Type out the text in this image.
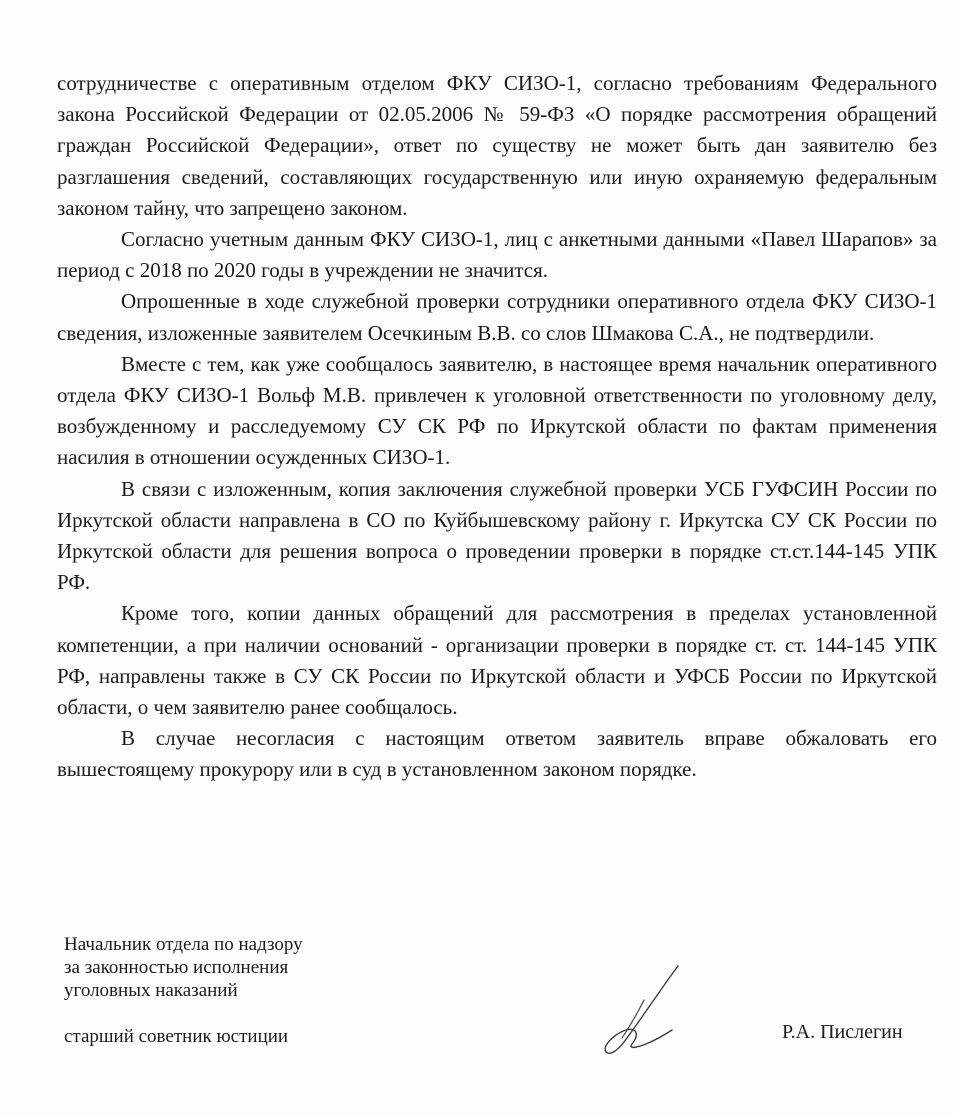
сотрудничестве с оперативным отделом ФКУ СИЗО-1, согласно требованиям Федерального закона Российской Федерации от 02.05.2006 № 59-ФЗ «О порядке рассмотрения обращений граждан Российской Федерации», ответ по существу не может быть дан заявителю без разглашения сведений, составляющих государственную или иную охраняемую федеральным законом тайну, что запрещено законом.

Согласно учетным данным ФКУ СИЗО-1, лиц с анкетными данными «Павел Шарапов» за период с 2018 по 2020 годы в учреждении не значится.

Опрошенные в ходе служебной проверки сотрудники оперативного отдела ФКУ СИЗО-1 сведения, изложенные заявителем Осечкиным В.В. со слов Шмакова С.А., не подтвердили.

Вместе с тем, как уже сообщалось заявителю, в настоящее время начальник оперативного отдела ФКУ СИЗО-1 Вольф М.В. привлечен к уголовной ответственности по уголовному делу, возбужденному и расследуемому СУ СК РФ по Иркутской области по фактам применения насилия в отношении осужденных СИЗО-1.

В связи с изложенным, копия заключения служебной проверки УСБ ГУФСИН России по Иркутской области направлена в СО по Куйбышевскому району г. Иркутска СУ СК России по Иркутской области для решения вопроса о проведении проверки в порядке ст.ст.144-145 УПК РФ.

Кроме того, копии данных обращений для рассмотрения в пределах установленной компетенции, а при наличии оснований - организации проверки в порядке ст. ст. 144-145 УПК РФ, направлены также в СУ СК России по Иркутской области и УФСБ России по Иркутской области, о чем заявителю ранее сообщалось.

В случае несогласия с настоящим ответом заявитель вправе обжаловать его вышестоящему прокурору или в суд в установленном законом порядке.

Начальник отдела по надзору
за законностью исполнения
уголовных наказаний
старший советник юстиции	Р.А. Пислегин
